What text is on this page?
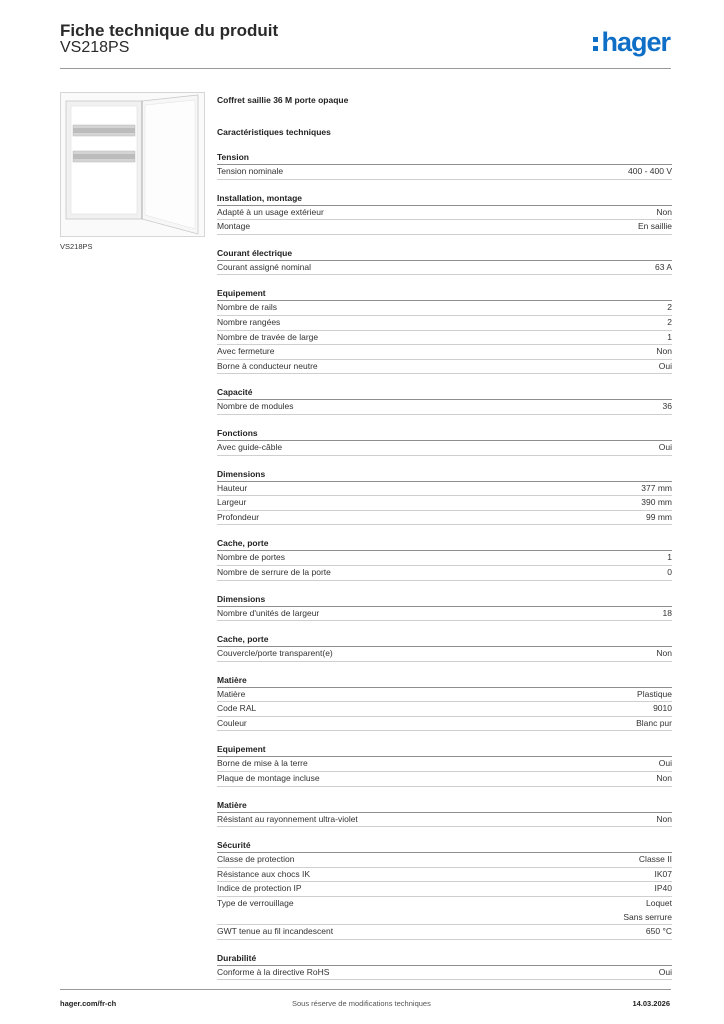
Fiche technique du produit
VS218PS	hager
VS218PS
Coffret saillie 36 M porte opaque
Caractéristiques techniques
Tension
Tension nominale	400 - 400 V
Installation, montage
Adapté à un usage extérieur	Non
Montage	En saillie
Courant électrique
Courant assigné nominal	63 A
Equipement
Nombre de rails	2
Nombre rangées	2
Nombre de travée de large	1
Avec fermeture	Non
Borne à conducteur neutre	Oui
Capacité
Nombre de modules	36
Fonctions
Avec guide-câble	Oui
Dimensions
Hauteur	377 mm
Largeur	390 mm
Profondeur	99 mm
Cache, porte
Nombre de portes	1
Nombre de serrure de la porte	0
Dimensions
Nombre d'unités de largeur	18
Cache, porte
Couvercle/porte transparent(e)	Non
Matière
Matière	Plastique
Code RAL	9010
Couleur	Blanc pur
Equipement
Borne de mise à la terre	Oui
Plaque de montage incluse	Non
Matière
Résistant au rayonnement ultra-violet	Non
Sécurité
Classe de protection	Classe II
Résistance aux chocs IK	IK07
Indice de protection IP	IP40
Type de verrouillage	Loquet
Sans serrure
GWT tenue au fil incandescent	650 °C
Durabilité
Conforme à la directive RoHS	Oui
hager.com/fr-ch	Sous réserve de modifications techniques	14.03.2026
